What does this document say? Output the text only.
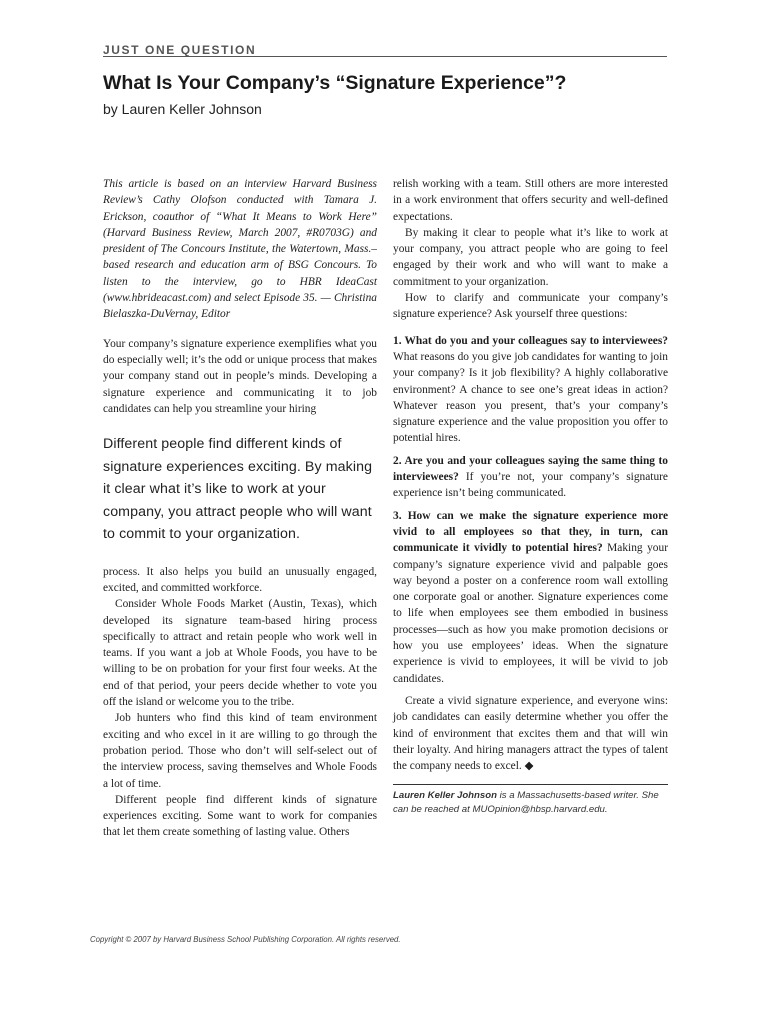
JUST ONE QUESTION
What Is Your Company’s “Signature Experience”?
by Lauren Keller Johnson

This article is based on an interview Harvard Business Review’s Cathy Olofson conducted with Tamara J. Erickson, coauthor of “What It Means to Work Here” (Harvard Business Review, March 2007, #R0703G) and president of The Concours Institute, the Watertown, Mass.–based research and education arm of BSG Concours. To listen to the interview, go to HBR IdeaCast (www.hbrideacast.com) and select Episode 35. — Christina Bielaszka-DuVernay, Editor

Your company’s signature experience exemplifies what you do especially well; it’s the odd or unique process that makes your company stand out in people’s minds. Developing a signature experience and communicating it to job candidates can help you streamline your hiring

Different people find different kinds of signature experiences exciting. By making it clear what it’s like to work at your company, you attract people who will want to commit to your organization.

process. It also helps you build an unusually engaged, excited, and committed workforce.

Consider Whole Foods Market (Austin, Texas), which developed its signature team-based hiring process specifically to attract and retain people who work well in teams. If you want a job at Whole Foods, you have to be willing to be on probation for your first four weeks. At the end of that period, your peers decide whether to vote you off the island or welcome you to the tribe.

Job hunters who find this kind of team environment exciting and who excel in it are willing to go through the probation period. Those who don’t will self-select out of the interview process, saving themselves and Whole Foods a lot of time.

Different people find different kinds of signature experiences exciting. Some want to work for companies that let them create something of lasting value. Others

relish working with a team. Still others are more interested in a work environment that offers security and well-defined expectations.

By making it clear to people what it’s like to work at your company, you attract people who are going to feel engaged by their work and who will want to make a commitment to your organization.

How to clarify and communicate your company’s signature experience? Ask yourself three questions:

1. What do you and your colleagues say to interviewees? What reasons do you give job candidates for wanting to join your company? Is it job flexibility? A highly collaborative environment? A chance to see one’s great ideas in action? Whatever reason you present, that’s your company’s signature experience and the value proposition you offer to potential hires.

2. Are you and your colleagues saying the same thing to interviewees? If you’re not, your company’s signature experience isn’t being communicated.

3. How can we make the signature experience more vivid to all employees so that they, in turn, can communicate it vividly to potential hires? Making your company’s signature experience vivid and palpable goes way beyond a poster on a conference room wall extolling one corporate goal or another. Signature experiences come to life when employees see them embodied in business processes—such as how you make promotion decisions or how you use employees’ ideas. When the signature experience is vivid to employees, it will be vivid to job candidates.

Create a vivid signature experience, and everyone wins: job candidates can easily determine whether you offer the kind of environment that excites them and that will win their loyalty. And hiring managers attract the types of talent the company needs to excel. ◆

Lauren Keller Johnson is a Massachusetts-based writer. She can be reached at MUOpinion@hbsp.harvard.edu.
Copyright © 2007 by Harvard Business School Publishing Corporation. All rights reserved.
